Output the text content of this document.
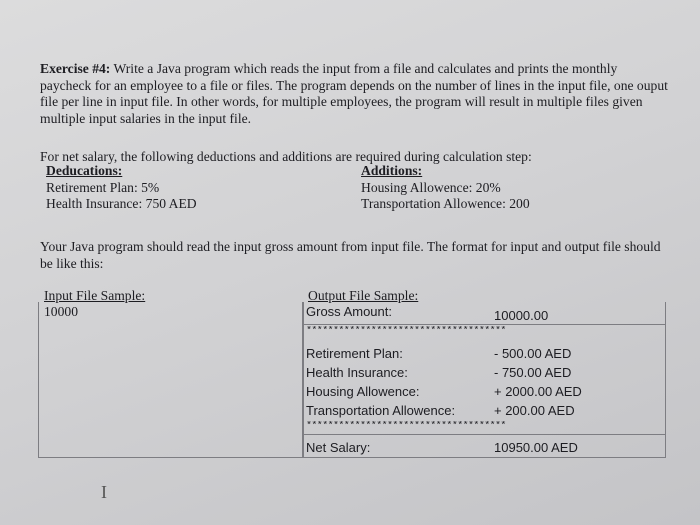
Exercise #4: Write a Java program which reads the input from a file and calculates and prints the monthly paycheck for an employee to a file or files. The program depends on the number of lines in the input file, one ouput file per line in input file. In other words, for multiple employees, the program will result in multiple files given multiple input salaries in the input file.
For net salary, the following deductions and additions are required during calculation step:
Deducations:
Retirement Plan: 5%
Health Insurance: 750 AED
Additions:
Housing Allowence: 20%
Transportation Allowence: 200
Your Java program should read the input gross amount from input file. The format for input and output file should be like this:
Input File Sample:
10000
Output File Sample:
Gross Amount:	10000.00
*************************************
Retirement Plan:	- 500.00 AED
Health Insurance:	- 750.00 AED
Housing Allowence:	+ 2000.00 AED
Transportation Allowence:	+ 200.00 AED
*************************************
Net Salary:	10950.00 AED
I
